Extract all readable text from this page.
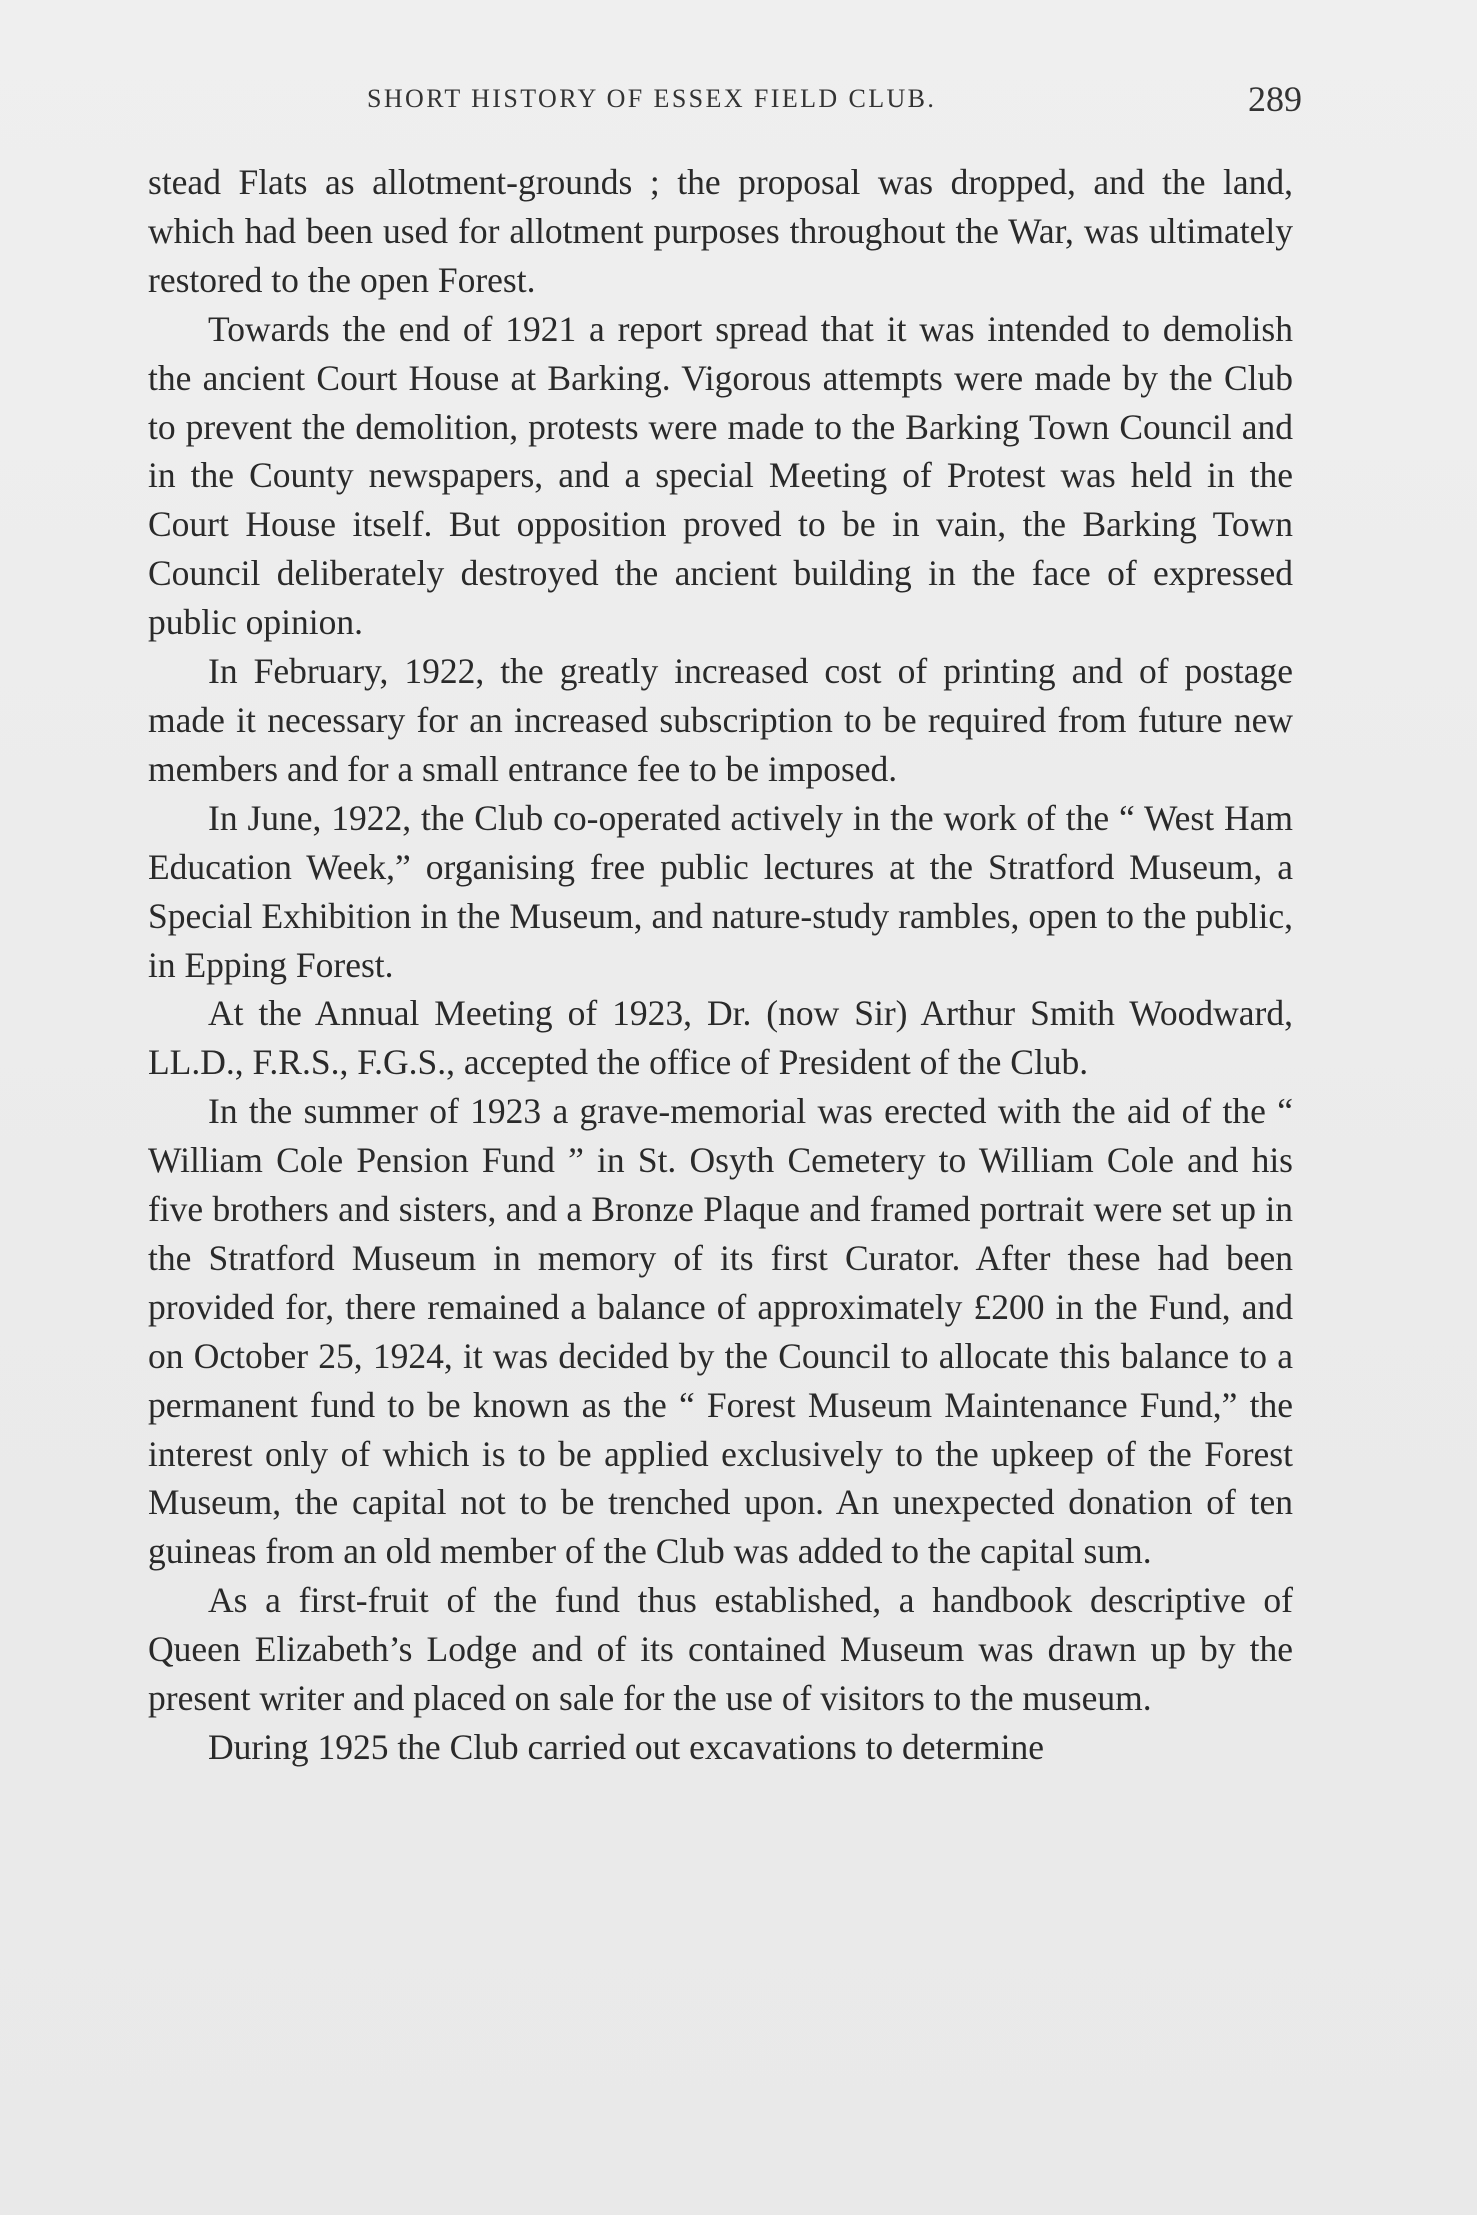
SHORT HISTORY OF ESSEX FIELD CLUB.	289

stead Flats as allotment-grounds ; the proposal was dropped, and the land, which had been used for allotment purposes throughout the War, was ultimately restored to the open Forest.

Towards the end of 1921 a report spread that it was intended to demolish the ancient Court House at Barking. Vigorous attempts were made by the Club to prevent the demolition, protests were made to the Barking Town Council and in the County newspapers, and a special Meeting of Protest was held in the Court House itself. But opposition proved to be in vain, the Barking Town Council deliberately destroyed the ancient building in the face of expressed public opinion.

In February, 1922, the greatly increased cost of printing and of postage made it necessary for an increased subscription to be required from future new members and for a small entrance fee to be imposed.

In June, 1922, the Club co-operated actively in the work of the “ West Ham Education Week,” organising free public lectures at the Stratford Museum, a Special Exhibition in the Museum, and nature-study rambles, open to the public, in Epping Forest.

At the Annual Meeting of 1923, Dr. (now Sir) Arthur Smith Woodward, LL.D., F.R.S., F.G.S., accepted the office of President of the Club.

In the summer of 1923 a grave-memorial was erected with the aid of the “ William Cole Pension Fund ” in St. Osyth Cemetery to William Cole and his five brothers and sisters, and a Bronze Plaque and framed portrait were set up in the Stratford Museum in memory of its first Curator. After these had been provided for, there remained a balance of approximately £200 in the Fund, and on October 25, 1924, it was decided by the Council to allocate this balance to a permanent fund to be known as the “ Forest Museum Maintenance Fund,” the interest only of which is to be applied exclusively to the upkeep of the Forest Museum, the capital not to be trenched upon. An unexpected donation of ten guineas from an old member of the Club was added to the capital sum.

As a first-fruit of the fund thus established, a handbook descriptive of Queen Elizabeth’s Lodge and of its contained Museum was drawn up by the present writer and placed on sale for the use of visitors to the museum.

During 1925 the Club carried out excavations to determine
